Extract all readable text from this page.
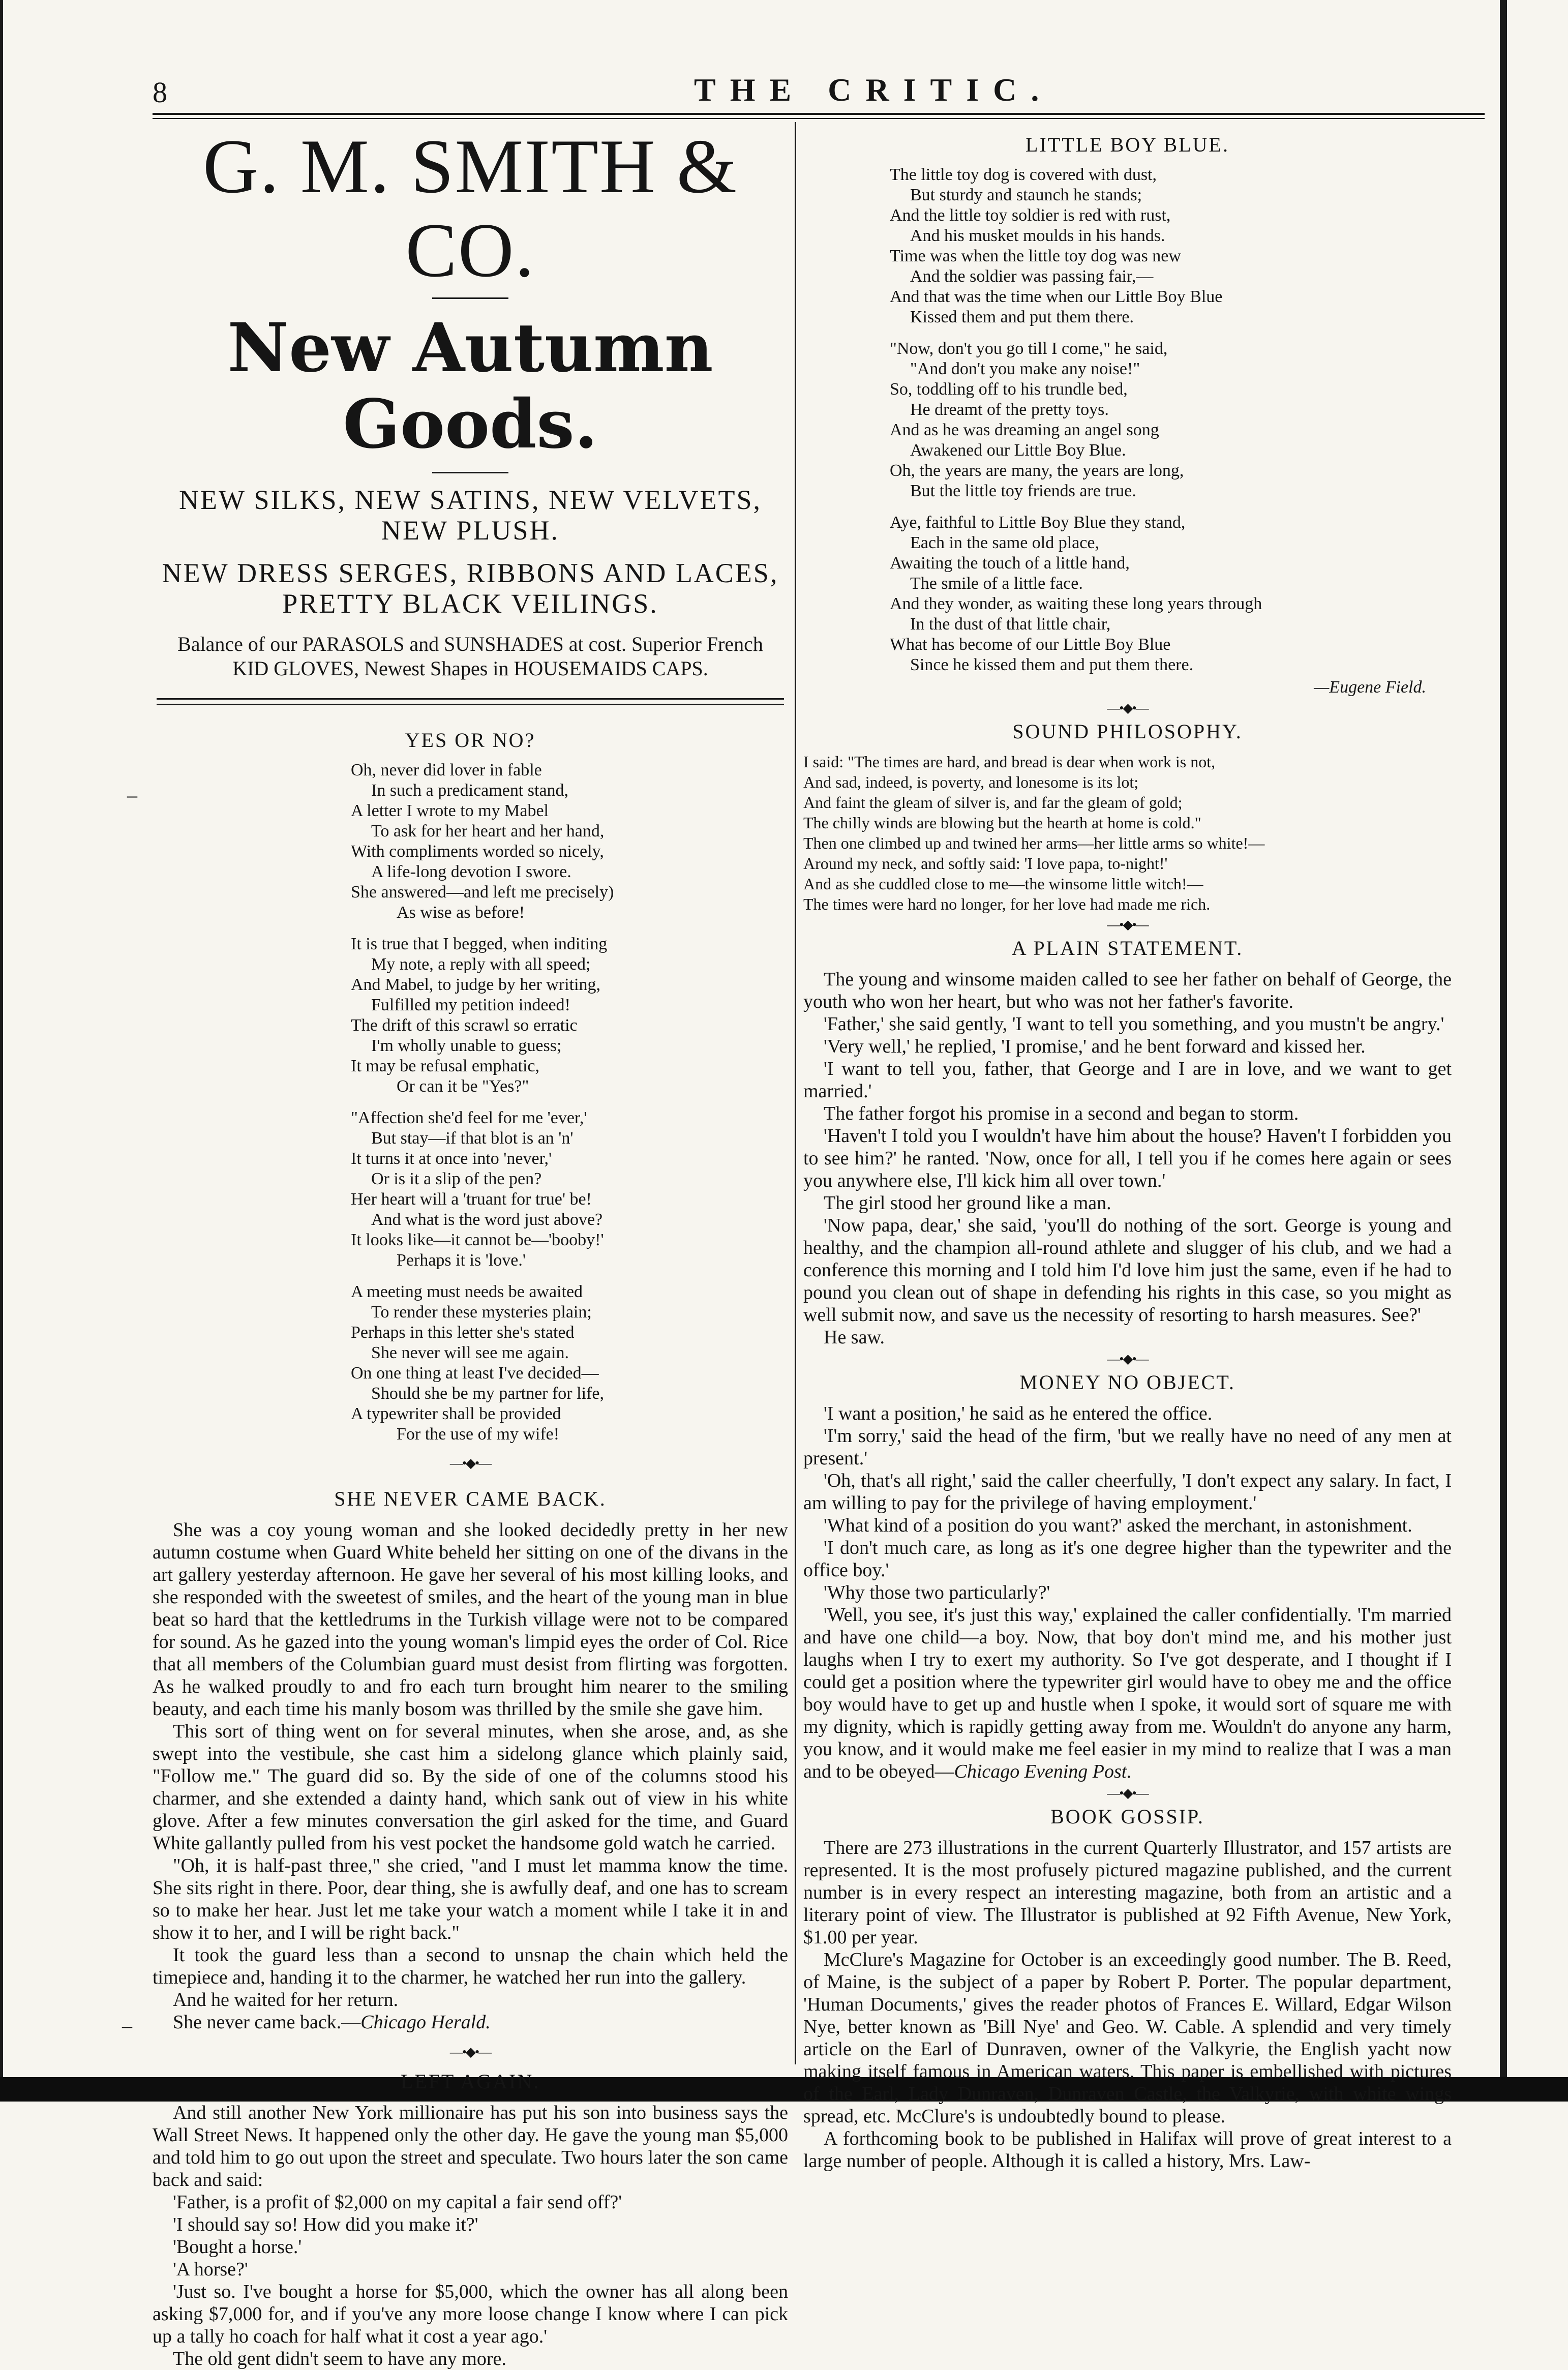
8	THE CRITIC.
–
G. M. SMITH & CO.
New Autumn Goods.
NEW SILKS, NEW SATINS, NEW VELVETS, NEW PLUSH.
NEW DRESS SERGES, RIBBONS AND LACES, PRETTY BLACK VEILINGS.
Balance of our PARASOLS and SUNSHADES at cost. Superior French
KID GLOVES, Newest Shapes in HOUSEMAIDS CAPS.
YES OR NO?
Oh, never did lover in fable
In such a predicament stand,
A letter I wrote to my Mabel
To ask for her heart and her hand,
With compliments worded so nicely,
A life-long devotion I swore.
She answered—and left me precisely)
As wise as before!
It is true that I begged, when inditing
My note, a reply with all speed;
And Mabel, to judge by her writing,
Fulfilled my petition indeed!
The drift of this scrawl so erratic
I'm wholly unable to guess;
It may be refusal emphatic,
Or can it be "Yes?"
"Affection she'd feel for me 'ever,'
But stay—if that blot is an 'n'
It turns it at once into 'never,'
Or is it a slip of the pen?
Her heart will a 'truant for true' be!
And what is the word just above?
It looks like—it cannot be—'booby!'
Perhaps it is 'love.'
A meeting must needs be awaited
To render these mysteries plain;
Perhaps in this letter she's stated
She never will see me again.
On one thing at least I've decided—
Should she be my partner for life,
A typewriter shall be provided
For the use of my wife!
—•◆•—
SHE NEVER CAME BACK.

She was a coy young woman and she looked decidedly pretty in her new autumn costume when Guard White beheld her sitting on one of the divans in the art gallery yesterday afternoon. He gave her several of his most killing looks, and she responded with the sweetest of smiles, and the heart of the young man in blue beat so hard that the kettledrums in the Turkish village were not to be compared for sound. As he gazed into the young woman's limpid eyes the order of Col. Rice that all members of the Columbian guard must desist from flirting was forgotten. As he walked proudly to and fro each turn brought him nearer to the smiling beauty, and each time his manly bosom was thrilled by the smile she gave him.

This sort of thing went on for several minutes, when she arose, and, as she swept into the vestibule, she cast him a sidelong glance which plainly said, "Follow me." The guard did so. By the side of one of the columns stood his charmer, and she extended a dainty hand, which sank out of view in his white glove. After a few minutes conversation the girl asked for the time, and Guard White gallantly pulled from his vest pocket the handsome gold watch he carried.

"Oh, it is half-past three," she cried, "and I must let mamma know the time. She sits right in there. Poor, dear thing, she is awfully deaf, and one has to scream so to make her hear. Just let me take your watch a moment while I take it in and show it to her, and I will be right back."

It took the guard less than a second to unsnap the chain which held the timepiece and, handing it to the charmer, he watched her run into the gallery.

And he waited for her return.

She never came back.—Chicago Herald.

—•◆•—
LEFT AGAIN.

And still another New York millionaire has put his son into business says the Wall Street News. It happened only the other day. He gave the young man $5,000 and told him to go out upon the street and speculate. Two hours later the son came back and said:

'Father, is a profit of $2,000 on my capital a fair send off?'

'I should say so! How did you make it?'

'Bought a horse.'

'A horse?'

'Just so. I've bought a horse for $5,000, which the owner has all along been asking $7,000 for, and if you've any more loose change I know where I can pick up a tally ho coach for half what it cost a year ago.'

The old gent didn't seem to have any more.

LITTLE BOY BLUE.
The little toy dog is covered with dust,
But sturdy and staunch he stands;
And the little toy soldier is red with rust,
And his musket moulds in his hands.
Time was when the little toy dog was new
And the soldier was passing fair,—
And that was the time when our Little Boy Blue
Kissed them and put them there.
"Now, don't you go till I come," he said,
"And don't you make any noise!"
So, toddling off to his trundle bed,
He dreamt of the pretty toys.
And as he was dreaming an angel song
Awakened our Little Boy Blue.
Oh, the years are many, the years are long,
But the little toy friends are true.
Aye, faithful to Little Boy Blue they stand,
Each in the same old place,
Awaiting the touch of a little hand,
The smile of a little face.
And they wonder, as waiting these long years through
In the dust of that little chair,
What has become of our Little Boy Blue
Since he kissed them and put them there.
—Eugene Field.
—•◆•—
SOUND PHILOSOPHY.
I said: "The times are hard, and bread is dear when work is not,
And sad, indeed, is poverty, and lonesome is its lot;
And faint the gleam of silver is, and far the gleam of gold;
The chilly winds are blowing but the hearth at home is cold."
Then one climbed up and twined her arms—her little arms so white!—
Around my neck, and softly said: 'I love papa, to-night!'
And as she cuddled close to me—the winsome little witch!—
The times were hard no longer, for her love had made me rich.
—•◆•—
A PLAIN STATEMENT.

The young and winsome maiden called to see her father on behalf of George, the youth who won her heart, but who was not her father's favorite.

'Father,' she said gently, 'I want to tell you something, and you mustn't be angry.'

'Very well,' he replied, 'I promise,' and he bent forward and kissed her.

'I want to tell you, father, that George and I are in love, and we want to get married.'

The father forgot his promise in a second and began to storm.

'Haven't I told you I wouldn't have him about the house? Haven't I forbidden you to see him?' he ranted. 'Now, once for all, I tell you if he comes here again or sees you anywhere else, I'll kick him all over town.'

The girl stood her ground like a man.

'Now papa, dear,' she said, 'you'll do nothing of the sort. George is young and healthy, and the champion all-round athlete and slugger of his club, and we had a conference this morning and I told him I'd love him just the same, even if he had to pound you clean out of shape in defending his rights in this case, so you might as well submit now, and save us the necessity of resorting to harsh measures. See?'

He saw.

—•◆•—
MONEY NO OBJECT.

'I want a position,' he said as he entered the office.

'I'm sorry,' said the head of the firm, 'but we really have no need of any men at present.'

'Oh, that's all right,' said the caller cheerfully, 'I don't expect any salary. In fact, I am willing to pay for the privilege of having employment.'

'What kind of a position do you want?' asked the merchant, in astonishment.

'I don't much care, as long as it's one degree higher than the typewriter and the office boy.'

'Why those two particularly?'

'Well, you see, it's just this way,' explained the caller confidentially. 'I'm married and have one child—a boy. Now, that boy don't mind me, and his mother just laughs when I try to exert my authority. So I've got desperate, and I thought if I could get a position where the typewriter girl would have to obey me and the office boy would have to get up and hustle when I spoke, it would sort of square me with my dignity, which is rapidly getting away from me. Wouldn't do anyone any harm, you know, and it would make me feel easier in my mind to realize that I was a man and to be obeyed—Chicago Evening Post.

—•◆•—
BOOK GOSSIP.

There are 273 illustrations in the current Quarterly Illustrator, and 157 artists are represented. It is the most profusely pictured magazine published, and the current number is in every respect an interesting magazine, both from an artistic and a literary point of view. The Illustrator is published at 92 Fifth Avenue, New York, $1.00 per year.

McClure's Magazine for October is an exceedingly good number. The B. Reed, of Maine, is the subject of a paper by Robert P. Porter. The popular department, 'Human Documents,' gives the reader photos of Frances E. Willard, Edgar Wilson Nye, better known as 'Bill Nye' and Geo. W. Cable. A splendid and very timely article on the Earl of Dunraven, owner of the Valkyrie, the English yacht now making itself famous in American waters. This paper is embellished with pictures of the Earl, Lady Dunraven, Dunraven Castle, the Valkyrie, with white wings spread, etc. McClure's is undoubtedly bound to please.

A forthcoming book to be published in Halifax will prove of great interest to a large number of people. Although it is called a history, Mrs. Law-

–
